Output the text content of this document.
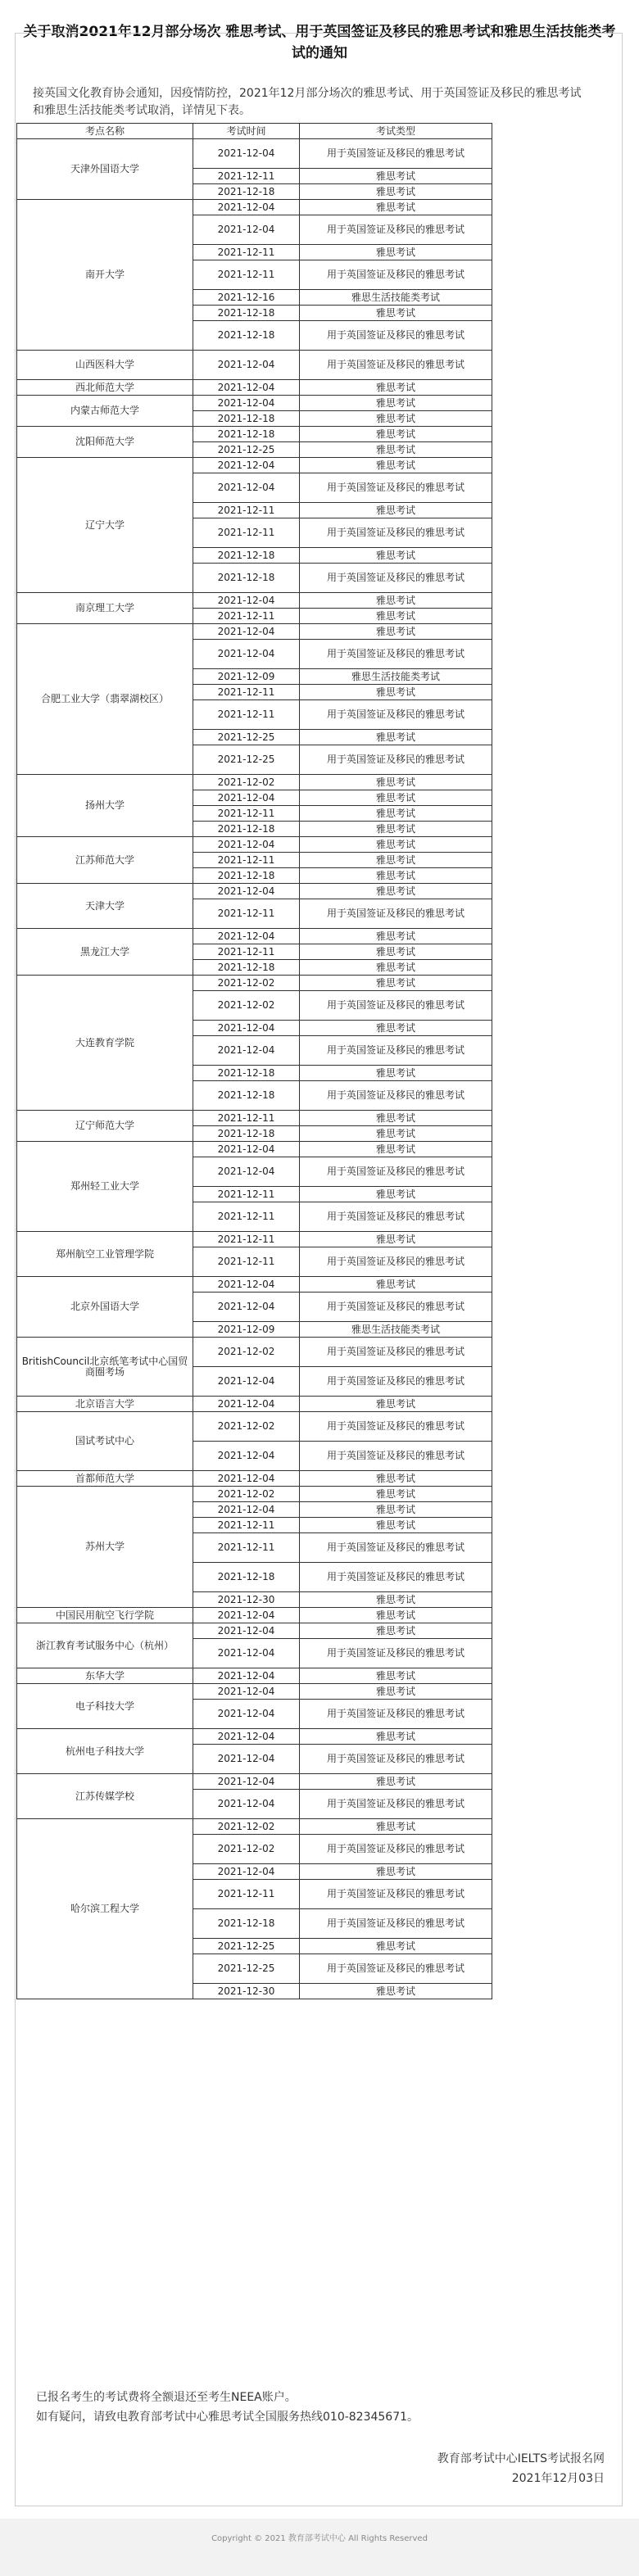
关于取消2021年12月部分场次 雅思考试、用于英国签证及移民的雅思考试和雅思生活技能类考试的通知

接英国文化教育协会通知，因疫情防控，2021年12月部分场次的雅思考试、用于英国签证及移民的雅思考试和雅思生活技能类考试取消，详情见下表。

考点名称	考试时间	考试类型
天津外国语大学	2021-12-04	用于英国签证及移民的雅思考试
	2021-12-11	雅思考试
	2021-12-18	雅思考试
南开大学	2021-12-04	雅思考试
	2021-12-04	用于英国签证及移民的雅思考试
	2021-12-11	雅思考试
	2021-12-11	用于英国签证及移民的雅思考试
	2021-12-16	雅思生活技能类考试
	2021-12-18	雅思考试
	2021-12-18	用于英国签证及移民的雅思考试
山西医科大学	2021-12-04	用于英国签证及移民的雅思考试
西北师范大学	2021-12-04	雅思考试
内蒙古师范大学	2021-12-04	雅思考试
	2021-12-18	雅思考试
沈阳师范大学	2021-12-18	雅思考试
	2021-12-25	雅思考试
辽宁大学	2021-12-04	雅思考试
	2021-12-04	用于英国签证及移民的雅思考试
	2021-12-11	雅思考试
	2021-12-11	用于英国签证及移民的雅思考试
	2021-12-18	雅思考试
	2021-12-18	用于英国签证及移民的雅思考试
南京理工大学	2021-12-04	雅思考试
	2021-12-11	雅思考试
合肥工业大学（翡翠湖校区）	2021-12-04	雅思考试
	2021-12-04	用于英国签证及移民的雅思考试
	2021-12-09	雅思生活技能类考试
	2021-12-11	雅思考试
	2021-12-11	用于英国签证及移民的雅思考试
	2021-12-25	雅思考试
	2021-12-25	用于英国签证及移民的雅思考试
扬州大学	2021-12-02	雅思考试
	2021-12-04	雅思考试
	2021-12-11	雅思考试
	2021-12-18	雅思考试
江苏师范大学	2021-12-04	雅思考试
	2021-12-11	雅思考试
	2021-12-18	雅思考试
天津大学	2021-12-04	雅思考试
	2021-12-11	用于英国签证及移民的雅思考试
黑龙江大学	2021-12-04	雅思考试
	2021-12-11	雅思考试
	2021-12-18	雅思考试
大连教育学院	2021-12-02	雅思考试
	2021-12-02	用于英国签证及移民的雅思考试
	2021-12-04	雅思考试
	2021-12-04	用于英国签证及移民的雅思考试
	2021-12-18	雅思考试
	2021-12-18	用于英国签证及移民的雅思考试
辽宁师范大学	2021-12-11	雅思考试
	2021-12-18	雅思考试
郑州轻工业大学	2021-12-04	雅思考试
	2021-12-04	用于英国签证及移民的雅思考试
	2021-12-11	雅思考试
	2021-12-11	用于英国签证及移民的雅思考试
郑州航空工业管理学院	2021-12-11	雅思考试
	2021-12-11	用于英国签证及移民的雅思考试
北京外国语大学	2021-12-04	雅思考试
	2021-12-04	用于英国签证及移民的雅思考试
	2021-12-09	雅思生活技能类考试
BritishCouncil北京纸笔考试中心国贸商圈考场	2021-12-02	用于英国签证及移民的雅思考试
	2021-12-04	用于英国签证及移民的雅思考试
北京语言大学	2021-12-04	雅思考试
国试考试中心	2021-12-02	用于英国签证及移民的雅思考试
	2021-12-04	用于英国签证及移民的雅思考试
首都师范大学	2021-12-04	雅思考试
苏州大学	2021-12-02	雅思考试
	2021-12-04	雅思考试
	2021-12-11	雅思考试
	2021-12-11	用于英国签证及移民的雅思考试
	2021-12-18	用于英国签证及移民的雅思考试
	2021-12-30	雅思考试
中国民用航空飞行学院	2021-12-04	雅思考试
浙江教育考试服务中心（杭州）	2021-12-04	雅思考试
	2021-12-04	用于英国签证及移民的雅思考试
东华大学	2021-12-04	雅思考试
电子科技大学	2021-12-04	雅思考试
	2021-12-04	用于英国签证及移民的雅思考试
杭州电子科技大学	2021-12-04	雅思考试
	2021-12-04	用于英国签证及移民的雅思考试
江苏传媒学校	2021-12-04	雅思考试
	2021-12-04	用于英国签证及移民的雅思考试
哈尔滨工程大学	2021-12-02	雅思考试
	2021-12-02	用于英国签证及移民的雅思考试
	2021-12-04	雅思考试
	2021-12-11	用于英国签证及移民的雅思考试
	2021-12-18	用于英国签证及移民的雅思考试
	2021-12-25	雅思考试
	2021-12-25	用于英国签证及移民的雅思考试
	2021-12-30	雅思考试

已报名考生的考试费将全额退还至考生NEEA账户。

如有疑问，请致电教育部考试中心雅思考试全国服务热线010-82345671。

教育部考试中心IELTS考试报名网

2021年12月03日

Copyright © 2021 教育部考试中心 All Rights Reserved
